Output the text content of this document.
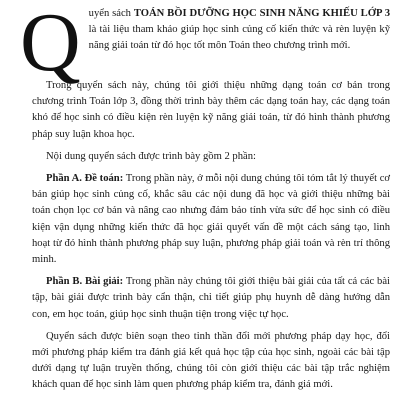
Q uyển sách TOÁN BỒI DƯỠNG HỌC SINH NĂNG KHIẾU LỚP 3 là tài liệu tham khảo giúp học sinh củng cố kiến thức và rèn luyện kỹ năng giải toán từ đó học tốt môn Toán theo chương trình mới.

Trong quyển sách này, chúng tôi giới thiệu những dạng toán cơ bản trong chương trình Toán lớp 3, đồng thời trình bày thêm các dạng toán hay, các dạng toán khó để học sinh có điều kiện rèn luyện kỹ năng giải toán, từ đó hình thành phương pháp suy luận khoa học.

Nội dung quyển sách được trình bày gồm 2 phần:

Phần A. Đề toán: Trong phần này, ở mỗi nội dung chúng tôi tóm tắt lý thuyết cơ bản giúp học sinh củng cố, khắc sâu các nội dung đã học và giới thiệu những bài toán chọn lọc cơ bản và nâng cao nhưng đảm bảo tính vừa sức để học sinh có điều kiện vận dụng những kiến thức đã học giải quyết vấn đề một cách sáng tạo, linh hoạt từ đó hình thành phương pháp suy luận, phương pháp giải toán và rèn trí thông minh.

Phần B. Bài giải: Trong phần này chúng tôi giới thiệu bài giải của tất cả các bài tập, bài giải được trình bày cẩn thận, chi tiết giúp phụ huynh dễ dàng hướng dẫn con, em học toán, giúp học sinh thuận tiện trong việc tự học.

Quyển sách được biên soạn theo tinh thần đổi mới phương pháp dạy học, đổi mới phương pháp kiểm tra đánh giá kết quả học tập của học sinh, ngoài các bài tập dưới dạng tự luận truyền thống, chúng tôi còn giới thiệu các bài tập trắc nghiệm khách quan để học sinh làm quen phương pháp kiểm tra, đánh giá mới.
